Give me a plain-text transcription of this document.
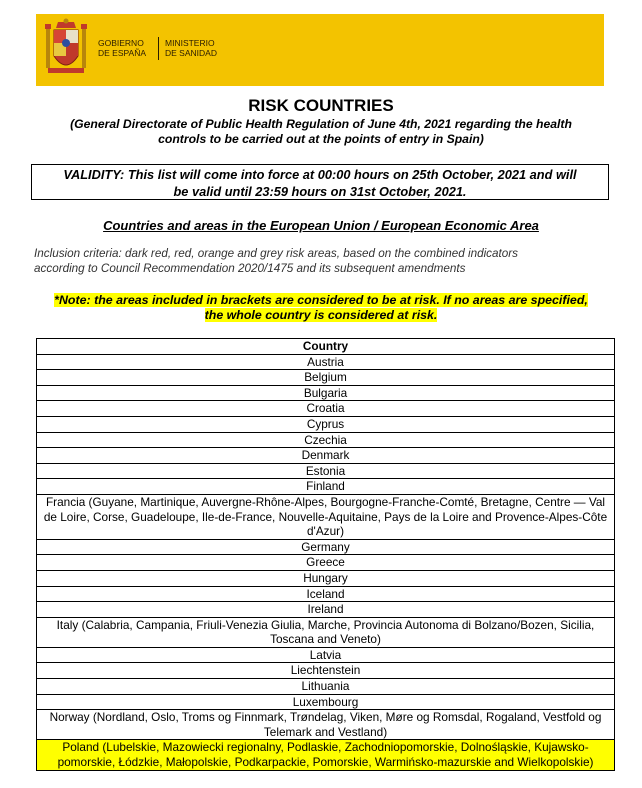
GOBIERNO
DE ESPAÑA
MINISTERIO
DE SANIDAD
RISK COUNTRIES
(General Directorate of Public Health Regulation of June 4th, 2021 regarding the health
controls to be carried out at the points of entry in Spain)
VALIDITY: This list will come into force at 00:00 hours on 25th October, 2021 and will
be valid until 23:59 hours on 31st October, 2021.
Countries and areas in the European Union / European Economic Area
Inclusion criteria: dark red, red, orange and grey risk areas, based on the combined indicators
according to Council Recommendation 2020/1475 and its subsequent amendments
*Note: the areas included in brackets are considered to be at risk. If no areas are specified,
the whole country is considered at risk.
Country
Austria
Belgium
Bulgaria
Croatia
Cyprus
Czechia
Denmark
Estonia
Finland
Francia (Guyane, Martinique, Auvergne-Rhône-Alpes, Bourgogne-Franche-Comté, Bretagne, Centre — Val de Loire, Corse, Guadeloupe, Ile-de-France, Nouvelle-Aquitaine, Pays de la Loire and Provence-Alpes-Côte d'Azur)
Germany
Greece
Hungary
Iceland
Ireland
Italy (Calabria, Campania, Friuli-Venezia Giulia, Marche, Provincia Autonoma di Bolzano/Bozen, Sicilia, Toscana and Veneto)
Latvia
Liechtenstein
Lithuania
Luxembourg
Norway (Nordland, Oslo, Troms og Finnmark, Trøndelag, Viken, Møre og Romsdal, Rogaland, Vestfold og Telemark and Vestland)
Poland (Lubelskie, Mazowiecki regionalny, Podlaskie, Zachodniopomorskie, Dolnośląskie, Kujawsko-pomorskie, Łódzkie, Małopolskie, Podkarpackie, Pomorskie, Warmińsko-mazurskie and Wielkopolskie)
